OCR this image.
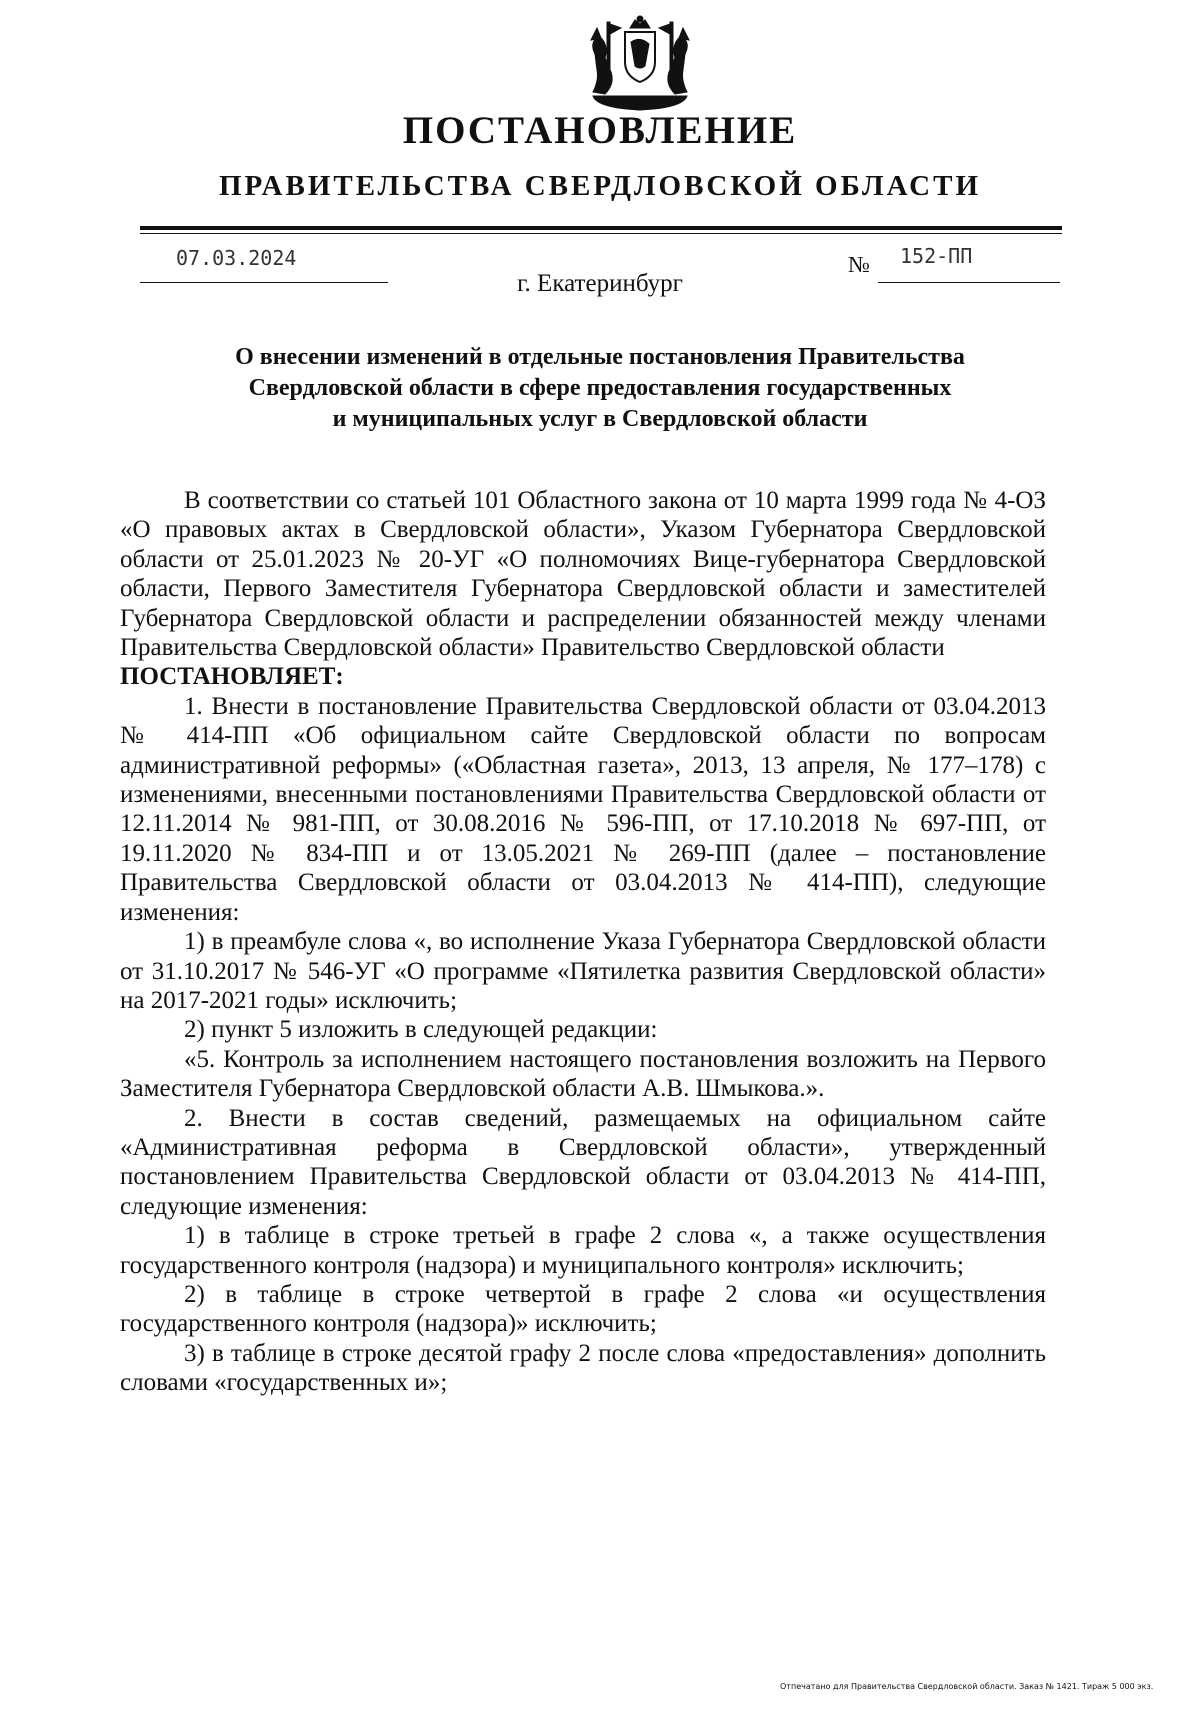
ПОСТАНОВЛЕНИЕ
ПРАВИТЕЛЬСТВА СВЕРДЛОВСКОЙ ОБЛАСТИ
07.03.2024	№ 152-ПП
г. Екатеринбург
О внесении изменений в отдельные постановления Правительства
Свердловской области в сфере предоставления государственных
и муниципальных услуг в Свердловской области

В соответствии со статьей 101 Областного закона от 10 марта 1999 года № 4-ОЗ «О правовых актах в Свердловской области», Указом Губернатора Свердловской области от 25.01.2023 № 20-УГ «О полномочиях Вице-губернатора Свердловской области, Первого Заместителя Губернатора Свердловской области и заместителей Губернатора Свердловской области и распределении обязанностей между членами Правительства Свердловской области» Правительство Свердловской области

ПОСТАНОВЛЯЕТ:

1. Внести в постановление Правительства Свердловской области от 03.04.2013 № 414-ПП «Об официальном сайте Свердловской области по вопросам административной реформы» («Областная газета», 2013, 13 апреля, № 177–178) с изменениями, внесенными постановлениями Правительства Свердловской области от 12.11.2014 № 981-ПП, от 30.08.2016 № 596-ПП, от 17.10.2018 № 697-ПП, от 19.11.2020 № 834-ПП и от 13.05.2021 № 269-ПП (далее – постановление Правительства Свердловской области от 03.04.2013 № 414-ПП), следующие изменения:

1) в преамбуле слова «, во исполнение Указа Губернатора Свердловской области от 31.10.2017 № 546-УГ «О программе «Пятилетка развития Свердловской области» на 2017-2021 годы» исключить;

2) пункт 5 изложить в следующей редакции:

«5. Контроль за исполнением настоящего постановления возложить на Первого Заместителя Губернатора Свердловской области А.В. Шмыкова.».

2. Внести в состав сведений, размещаемых на официальном сайте «Административная реформа в Свердловской области», утвержденный постановлением Правительства Свердловской области от 03.04.2013 № 414-ПП, следующие изменения:

1) в таблице в строке третьей в графе 2 слова «, а также осуществления государственного контроля (надзора) и муниципального контроля» исключить;

2) в таблице в строке четвертой в графе 2 слова «и осуществления государственного контроля (надзора)» исключить;

3) в таблице в строке десятой графу 2 после слова «предоставления» дополнить словами «государственных и»;

Отпечатано для Правительства Свердловской области. Заказ № 1421. Тираж 5 000 экз.
